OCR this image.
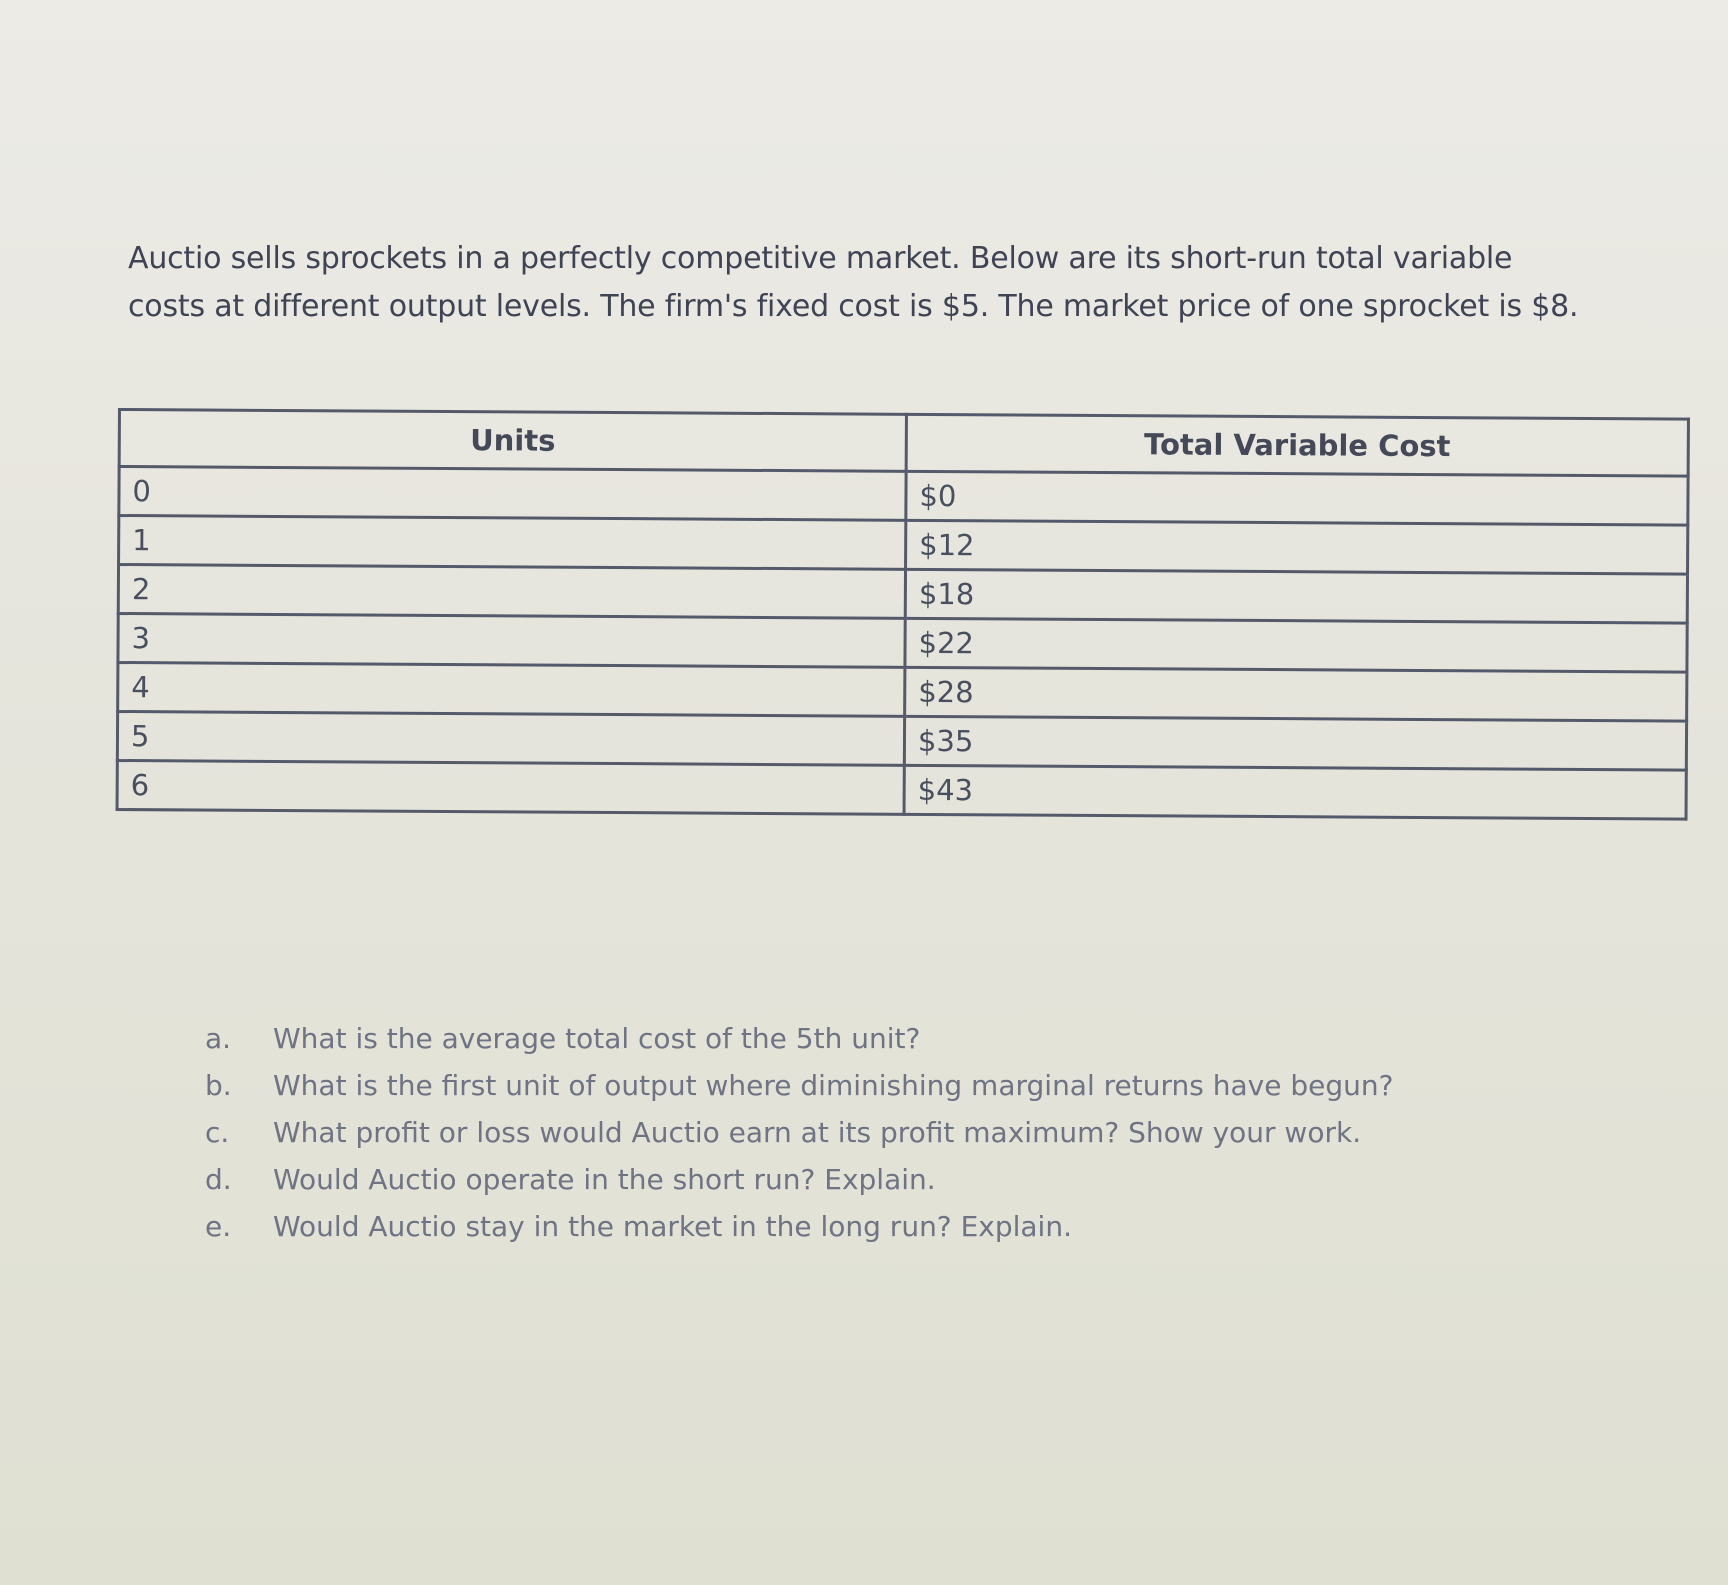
Auctio sells sprockets in a perfectly competitive market. Below are its short-run total variable costs at different output levels. The firm's fixed cost is $5. The market price of one sprocket is $8.

Units	Total Variable Cost
0	$0
1	$12
2	$18
3	$22
4	$28
5	$35
6	$43
a.	What is the average total cost of the 5th unit?
b.	What is the first unit of output where diminishing marginal returns have begun?
c.	What profit or loss would Auctio earn at its profit maximum? Show your work.
d.	Would Auctio operate in the short run? Explain.
e.	Would Auctio stay in the market in the long run? Explain.
